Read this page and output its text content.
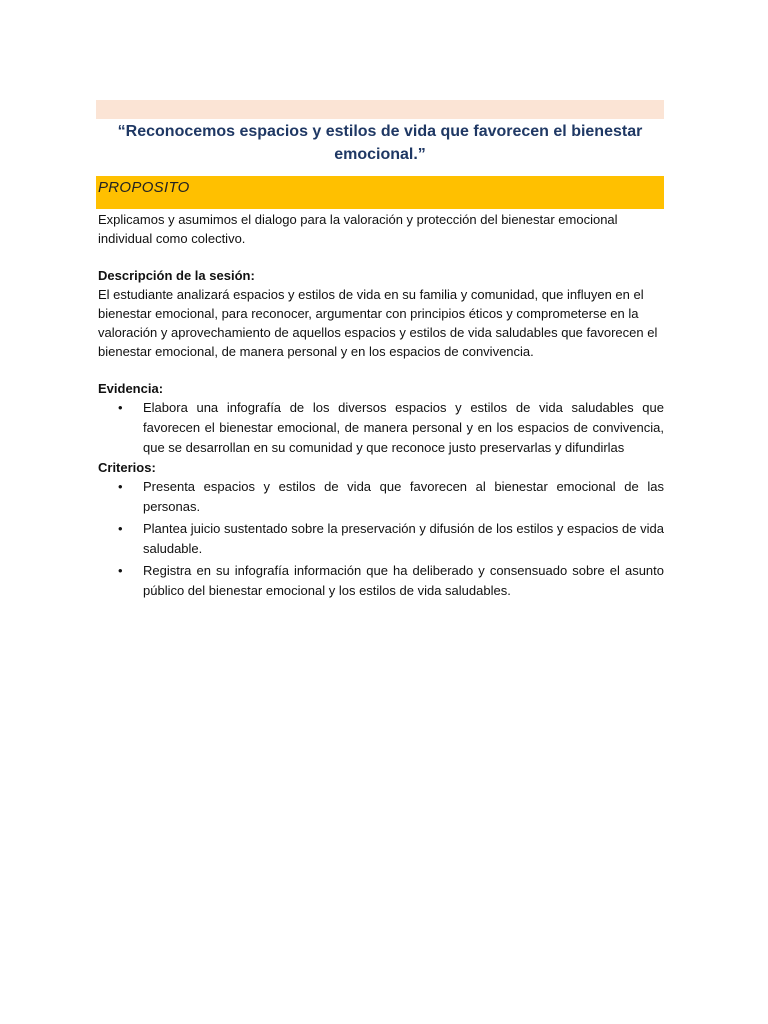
“Reconocemos espacios y estilos de vida que favorecen el bienestar emocional.”
PROPOSITO

Explicamos y asumimos el dialogo para la valoración y protección del bienestar emocional individual como colectivo.

Descripción de la sesión:

El estudiante analizará espacios y estilos de vida en su familia y comunidad, que influyen en el bienestar emocional, para reconocer, argumentar con principios éticos y comprometerse en la valoración y aprovechamiento de aquellos espacios y estilos de vida saludables que favorecen el bienestar emocional, de manera personal y en los espacios de convivencia.

Evidencia:

• Elabora una infografía de los diversos espacios y estilos de vida saludables que favorecen el bienestar emocional, de manera personal y en los espacios de convivencia, que se desarrollan en su comunidad y que reconoce justo preservarlas y difundirlas

Criterios:

• Presenta espacios y estilos de vida que favorecen al bienestar emocional de las personas.
• Plantea juicio sustentado sobre la preservación y difusión de los estilos y espacios de vida saludable.
• Registra en su infografía información que ha deliberado y consensuado sobre el asunto público del bienestar emocional y los estilos de vida saludables.
